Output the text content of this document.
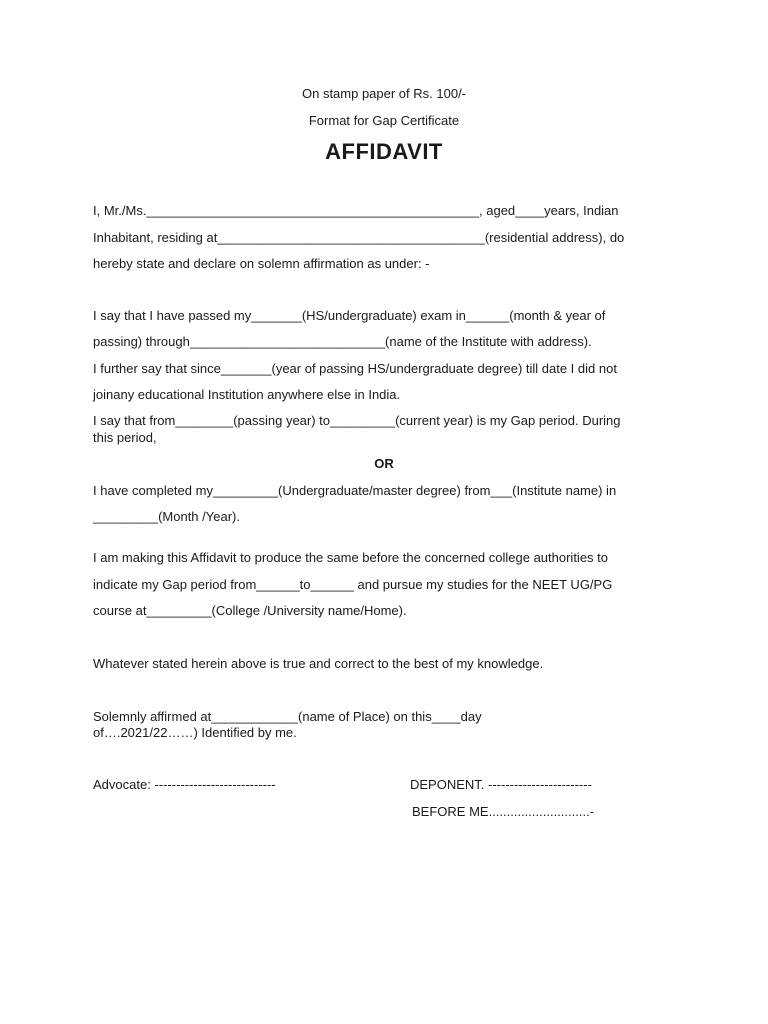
On stamp paper of Rs. 100/-
Format for Gap Certificate
AFFIDAVIT
I, Mr./Ms.______________________________________________, aged____years, Indian
Inhabitant, residing at_____________________________________(residential address), do
hereby state and declare on solemn affirmation as under: -
I say that I have passed my_______(HS/undergraduate) exam in______(month & year of
passing) through___________________________(name of the Institute with address).
I further say that since_______(year of passing HS/undergraduate degree) till date I did not
joinany educational Institution anywhere else in India.
I say that from________(passing year) to_________(current year) is my Gap period. During
this period,
OR
I have completed my_________(Undergraduate/master degree) from___(Institute name) in
_________(Month /Year).
I am making this Affidavit to produce the same before the concerned college authorities to
indicate my Gap period from______to______ and pursue my studies for the NEET UG/PG
course at_________(College /University name/Home).
Whatever stated herein above is true and correct to the best of my knowledge.
Solemnly affirmed at____________(name of Place) on this____day
of….2021/22……) Identified by me.
Advocate: ----------------------------	DEPONENT. ------------------------
BEFORE ME............................-
